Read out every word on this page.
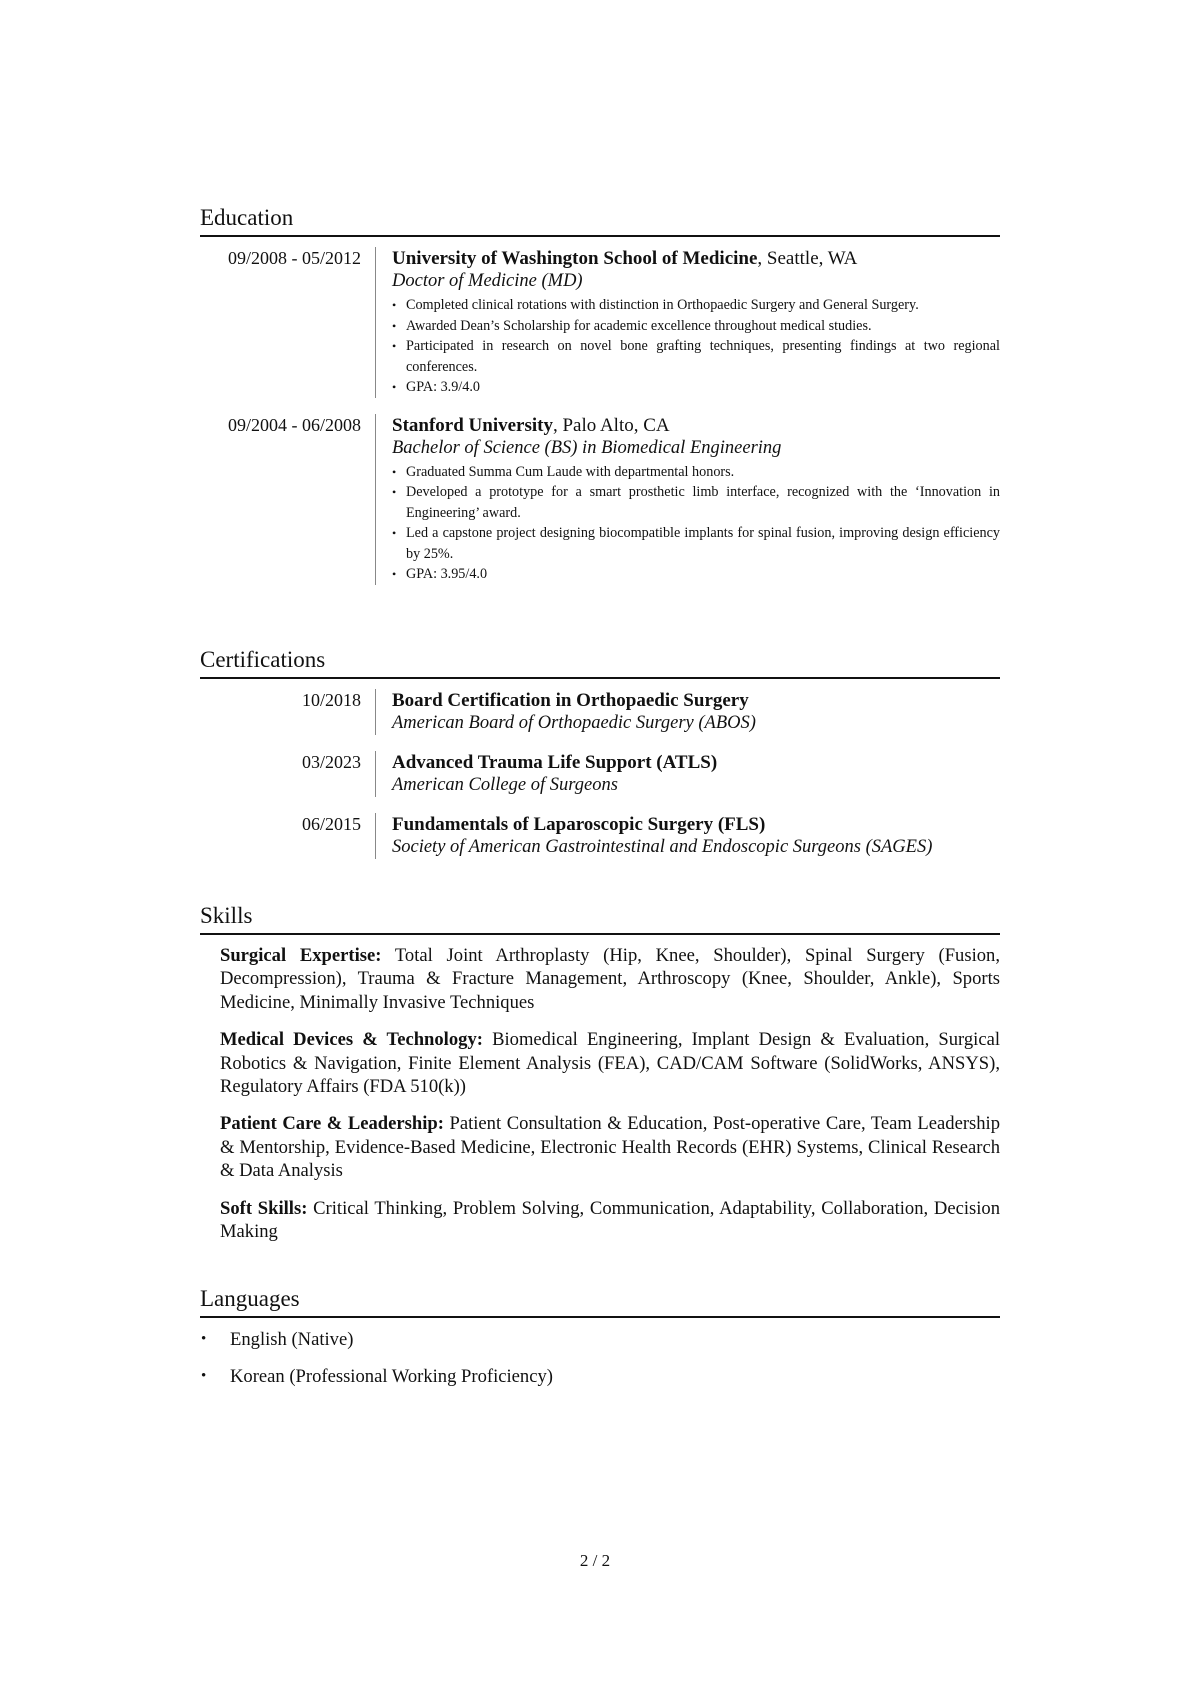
Education
09/2008 - 05/2012	University of Washington School of Medicine, Seattle, WA
Doctor of Medicine (MD)
• Completed clinical rotations with distinction in Orthopaedic Surgery and General Surgery.
• Awarded Dean’s Scholarship for academic excellence throughout medical studies.
• Participated in research on novel bone grafting techniques, presenting findings at two regional conferences.
• GPA: 3.9/4.0
09/2004 - 06/2008	Stanford University, Palo Alto, CA
Bachelor of Science (BS) in Biomedical Engineering
• Graduated Summa Cum Laude with departmental honors.
• Developed a prototype for a smart prosthetic limb interface, recognized with the ‘Innovation in Engineering’ award.
• Led a capstone project designing biocompatible implants for spinal fusion, improving design efficiency by 25%.
• GPA: 3.95/4.0
Certifications
10/2018	Board Certification in Orthopaedic Surgery
American Board of Orthopaedic Surgery (ABOS)
03/2023	Advanced Trauma Life Support (ATLS)
American College of Surgeons
06/2015	Fundamentals of Laparoscopic Surgery (FLS)
Society of American Gastrointestinal and Endoscopic Surgeons (SAGES)
Skills
Surgical Expertise: Total Joint Arthroplasty (Hip, Knee, Shoulder), Spinal Surgery (Fusion, Decompression), Trauma & Fracture Management, Arthroscopy (Knee, Shoulder, Ankle), Sports Medicine, Minimally Invasive Techniques
Medical Devices & Technology: Biomedical Engineering, Implant Design & Evaluation, Surgical Robotics & Navigation, Finite Element Analysis (FEA), CAD/CAM Software (SolidWorks, ANSYS), Regulatory Affairs (FDA 510(k))
Patient Care & Leadership: Patient Consultation & Education, Post-operative Care, Team Leadership & Mentorship, Evidence-Based Medicine, Electronic Health Records (EHR) Systems, Clinical Research & Data Analysis
Soft Skills: Critical Thinking, Problem Solving, Communication, Adaptability, Collaboration, Decision Making
Languages
• English (Native)
• Korean (Professional Working Proficiency)
2 / 2
